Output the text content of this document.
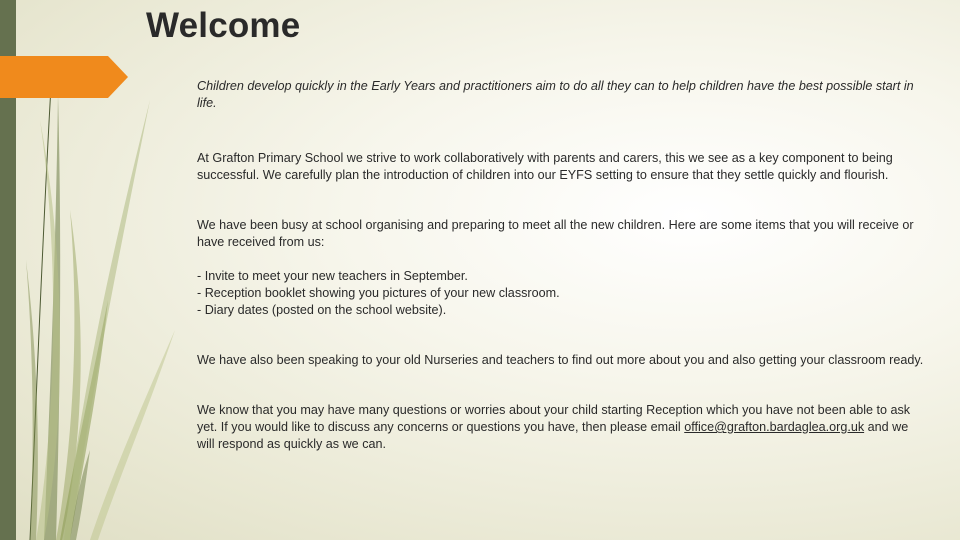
Welcome

Children develop quickly in the Early Years and practitioners aim to do all they can to help children have the best possible start in life.

At Grafton Primary School we strive to work collaboratively with parents and carers, this we see as a key component to being successful. We carefully plan the introduction of children into our EYFS setting to ensure that they settle quickly and flourish.

We have been busy at school organising and preparing to meet all the new children. Here are some items that you will receive or have received from us:

- Invite to meet your new teachers in September.
- Reception booklet showing you pictures of your new classroom.
- Diary dates (posted on the school website).

We have also been speaking to your old Nurseries and teachers to find out more about you and also getting your classroom ready.

We know that you may have many questions or worries about your child starting Reception which you have not been able to ask yet. If you would like to discuss any concerns or questions you have, then please email office@grafton.bardaglea.org.uk and we will respond as quickly as we can.
